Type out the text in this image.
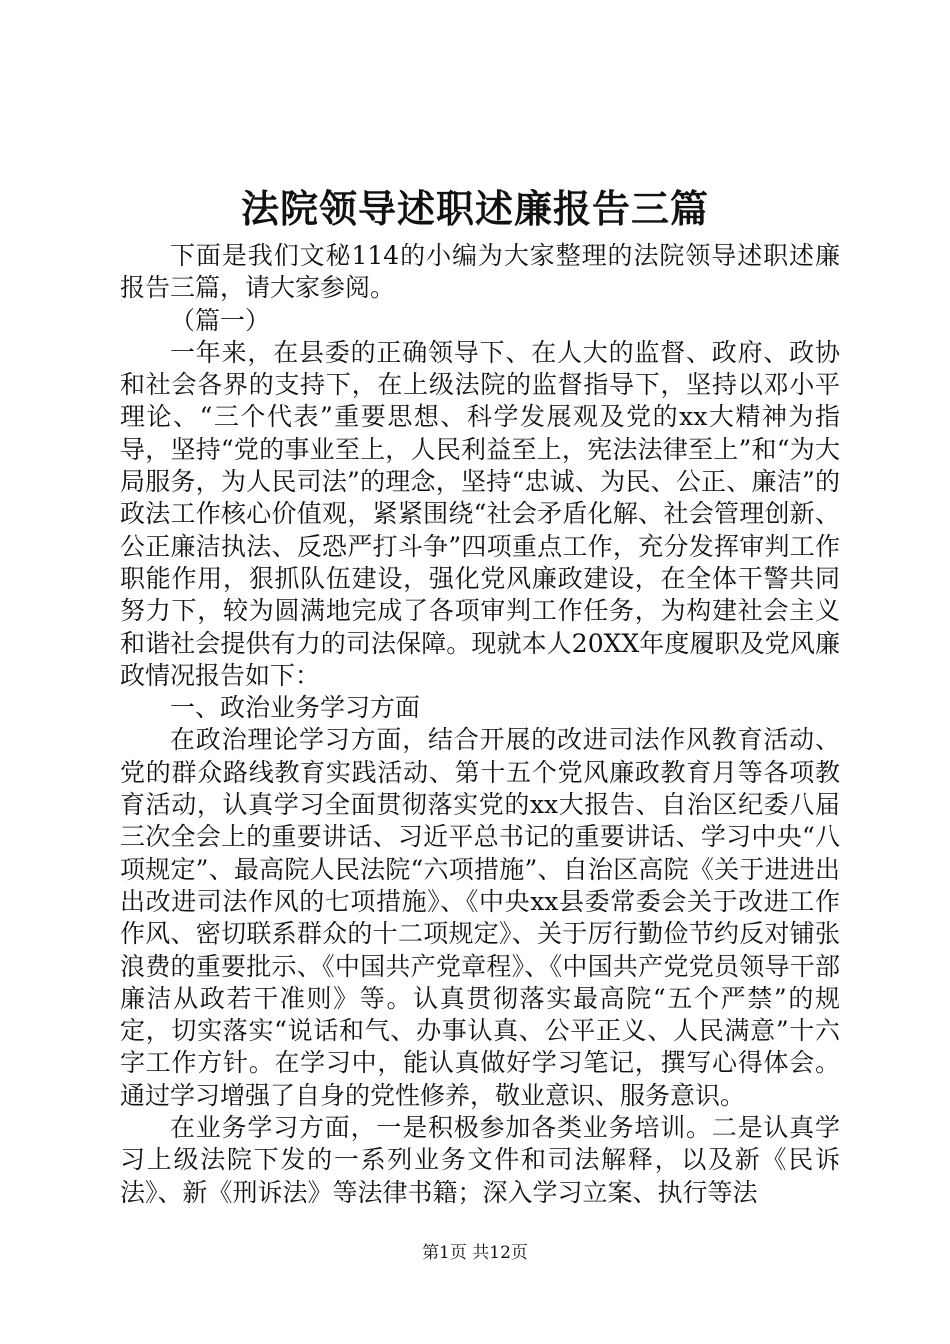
法院领导述职述廉报告三篇

下面是我们文秘114的小编为大家整理的法院领导述职述廉报告三篇，请大家参阅。

（篇一）

一年来，在县委的正确领导下、在人大的监督、政府、政协和社会各界的支持下，在上级法院的监督指导下，坚持以邓小平理论、“三个代表”重要思想、科学发展观及党的xx大精神为指导，坚持“党的事业至上，人民利益至上，宪法法律至上”和“为大局服务，为人民司法”的理念，坚持“忠诚、为民、公正、廉洁”的政法工作核心价值观，紧紧围绕“社会矛盾化解、社会管理创新、公正廉洁执法、反恐严打斗争”四项重点工作，充分发挥审判工作职能作用，狠抓队伍建设，强化党风廉政建设，在全体干警共同努力下，较为圆满地完成了各项审判工作任务，为构建社会主义和谐社会提供有力的司法保障。现就本人20XX年度履职及党风廉政情况报告如下：

一、政治业务学习方面

在政治理论学习方面，结合开展的改进司法作风教育活动、党的群众路线教育实践活动、第十五个党风廉政教育月等各项教育活动，认真学习全面贯彻落实党的xx大报告、自治区纪委八届三次全会上的重要讲话、习近平总书记的重要讲话、学习中央“八项规定”、最高院人民法院“六项措施”、自治区高院《关于进进出出改进司法作风的七项措施》、《中央xx县委常委会关于改进工作作风、密切联系群众的十二项规定》、关于厉行勤俭节约反对铺张浪费的重要批示、《中国共产党章程》、《中国共产党党员领导干部廉洁从政若干准则》等。认真贯彻落实最高院“五个严禁”的规定，切实落实“说话和气、办事认真、公平正义、人民满意”十六字工作方针。在学习中，能认真做好学习笔记，撰写心得体会。通过学习增强了自身的党性修养，敬业意识、服务意识。

在业务学习方面，一是积极参加各类业务培训。二是认真学习上级法院下发的一系列业务文件和司法解释，以及新《民诉法》、新《刑诉法》等法律书籍；深入学习立案、执行等法

第1页 共12页
